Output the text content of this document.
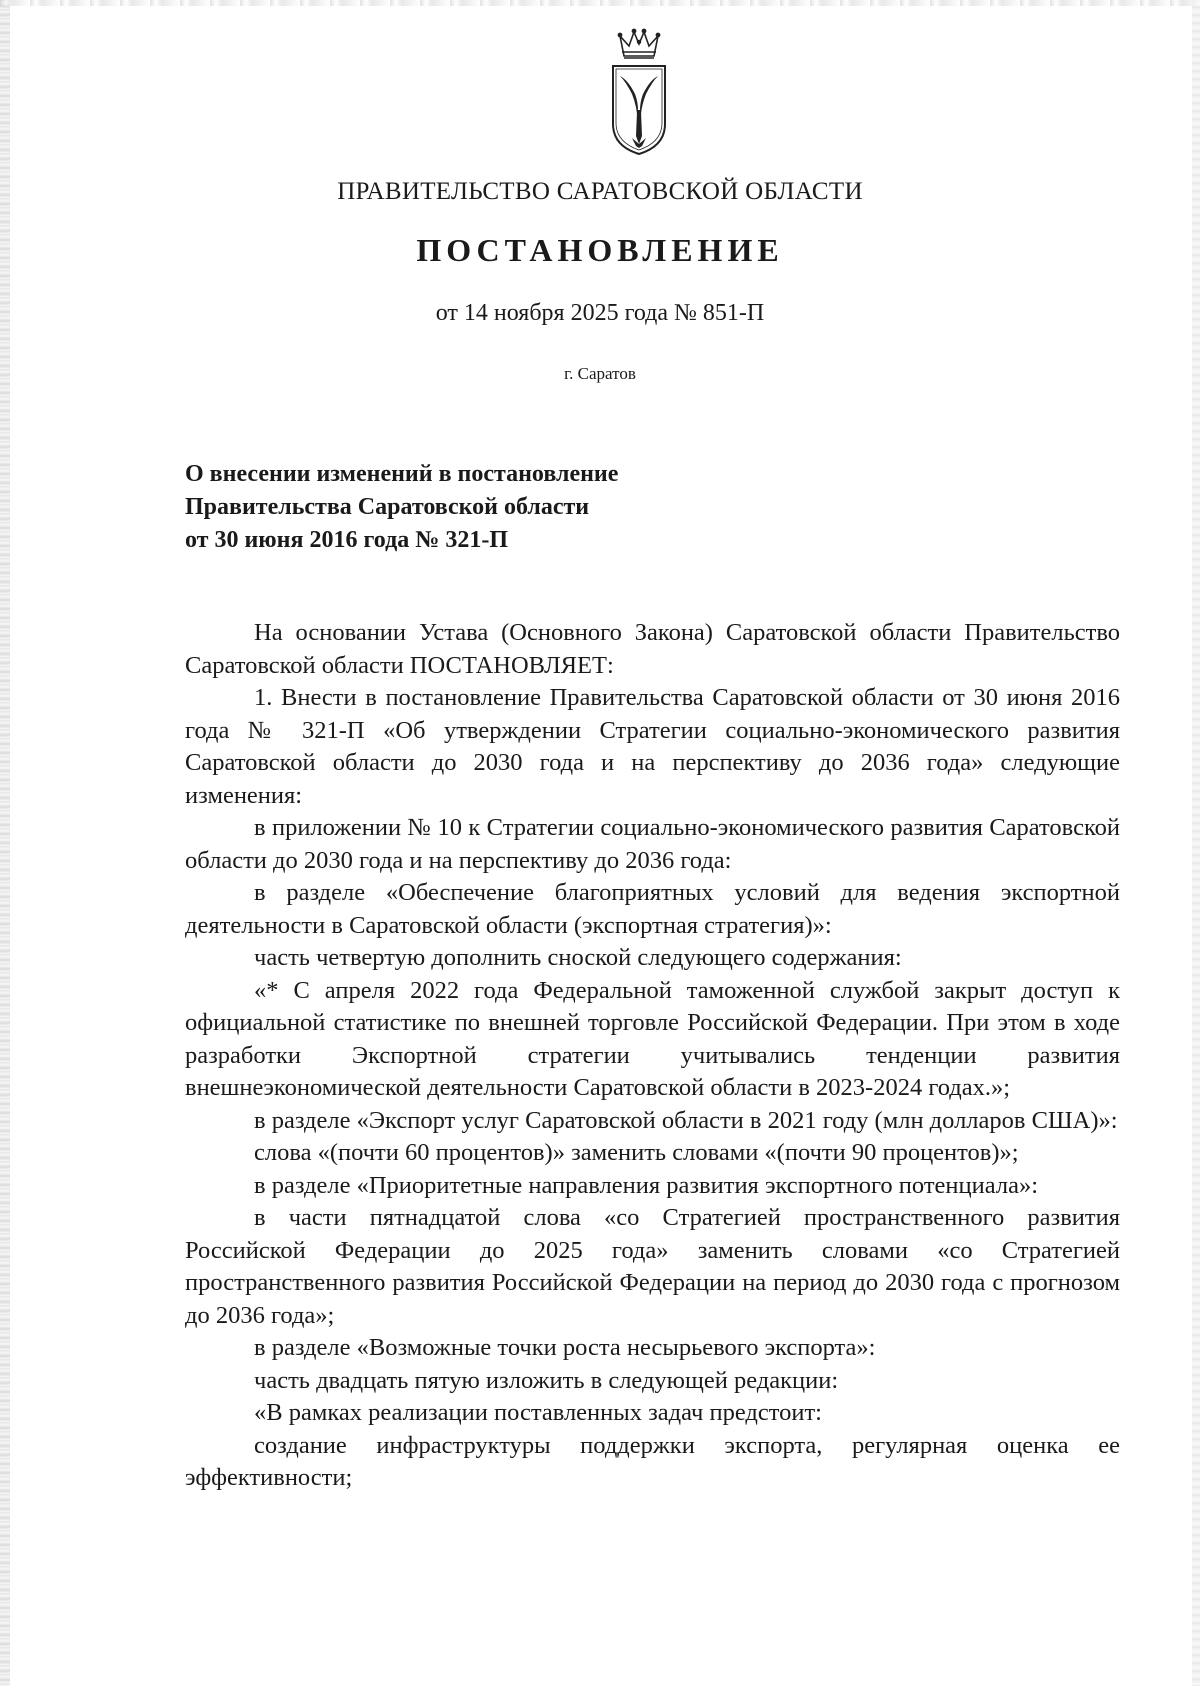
ПРАВИТЕЛЬСТВО САРАТОВСКОЙ ОБЛАСТИ
ПОСТАНОВЛЕНИЕ
от 14 ноября 2025 года № 851-П
г. Саратов
О внесении изменений в постановление
Правительства Саратовской области
от 30 июня 2016 года № 321-П

На основании Устава (Основного Закона) Саратовской области Правительство Саратовской области ПОСТАНОВЛЯЕТ:

1. Внести в постановление Правительства Саратовской области от 30 июня 2016 года № 321-П «Об утверждении Стратегии социально-экономического развития Саратовской области до 2030 года и на перспективу до 2036 года» следующие изменения:

в приложении № 10 к Стратегии социально-экономического развития Саратовской области до 2030 года и на перспективу до 2036 года:

в разделе «Обеспечение благоприятных условий для ведения экспортной деятельности в Саратовской области (экспортная стратегия)»:

часть четвертую дополнить сноской следующего содержания:

«* С апреля 2022 года Федеральной таможенной службой закрыт доступ к официальной статистике по внешней торговле Российской Федерации. При этом в ходе разработки Экспортной стратегии учитывались тенденции развития внешнеэкономической деятельности Саратовской области в 2023-2024 годах.»;

в разделе «Экспорт услуг Саратовской области в 2021 году (млн долларов США)»:

слова «(почти 60 процентов)» заменить словами «(почти 90 процентов)»;

в разделе «Приоритетные направления развития экспортного потенциала»:

в части пятнадцатой слова «со Стратегией пространственного развития Российской Федерации до 2025 года» заменить словами «со Стратегией пространственного развития Российской Федерации на период до 2030 года с прогнозом до 2036 года»;

в разделе «Возможные точки роста несырьевого экспорта»:

часть двадцать пятую изложить в следующей редакции:

«В рамках реализации поставленных задач предстоит:

создание инфраструктуры поддержки экспорта, регулярная оценка ее эффективности;
